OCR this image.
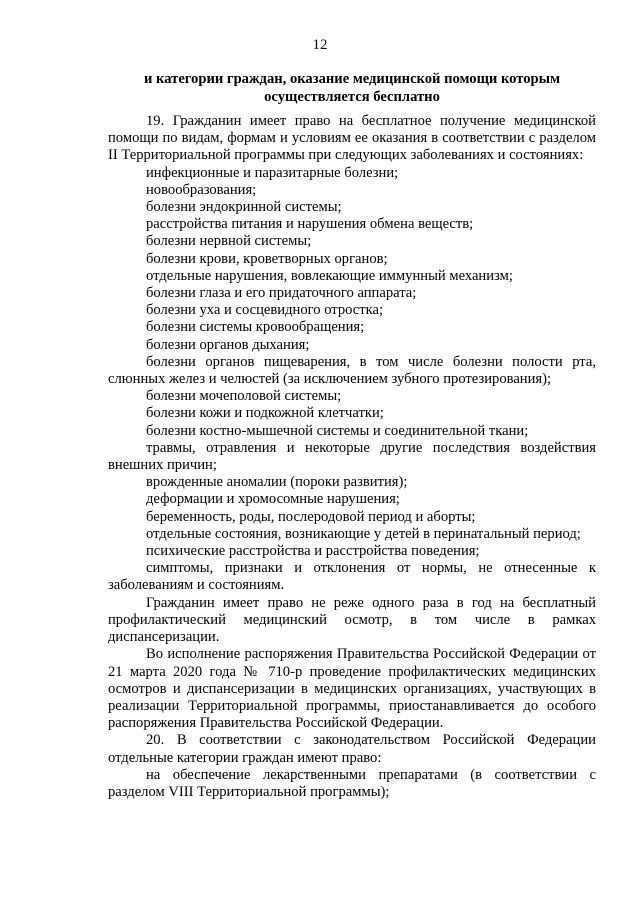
12
и категории граждан, оказание медицинской помощи которым осуществляется бесплатно

19. Гражданин имеет право на бесплатное получение медицинской помощи по видам, формам и условиям ее оказания в соответствии с разделом II Территориальной программы при следующих заболеваниях и состояниях:

инфекционные и паразитарные болезни;

новообразования;

болезни эндокринной системы;

расстройства питания и нарушения обмена веществ;

болезни нервной системы;

болезни крови, кроветворных органов;

отдельные нарушения, вовлекающие иммунный механизм;

болезни глаза и его придаточного аппарата;

болезни уха и сосцевидного отростка;

болезни системы кровообращения;

болезни органов дыхания;

болезни органов пищеварения, в том числе болезни полости рта, слюнных желез и челюстей (за исключением зубного протезирования);

болезни мочеполовой системы;

болезни кожи и подкожной клетчатки;

болезни костно-мышечной системы и соединительной ткани;

травмы, отравления и некоторые другие последствия воздействия внешних причин;

врожденные аномалии (пороки развития);

деформации и хромосомные нарушения;

беременность, роды, послеродовой период и аборты;

отдельные состояния, возникающие у детей в перинатальный период;

психические расстройства и расстройства поведения;

симптомы, признаки и отклонения от нормы, не отнесенные к заболеваниям и состояниям.

Гражданин имеет право не реже одного раза в год на бесплатный профилактический медицинский осмотр, в том числе в рамках диспансеризации.

Во исполнение распоряжения Правительства Российской Федерации от 21 марта 2020 года № 710-р проведение профилактических медицинских осмотров и диспансеризации в медицинских организациях, участвующих в реализации Территориальной программы, приостанавливается до особого распоряжения Правительства Российской Федерации.

20. В соответствии с законодательством Российской Федерации отдельные категории граждан имеют право:

на обеспечение лекарственными препаратами (в соответствии с разделом VIII Территориальной программы);
